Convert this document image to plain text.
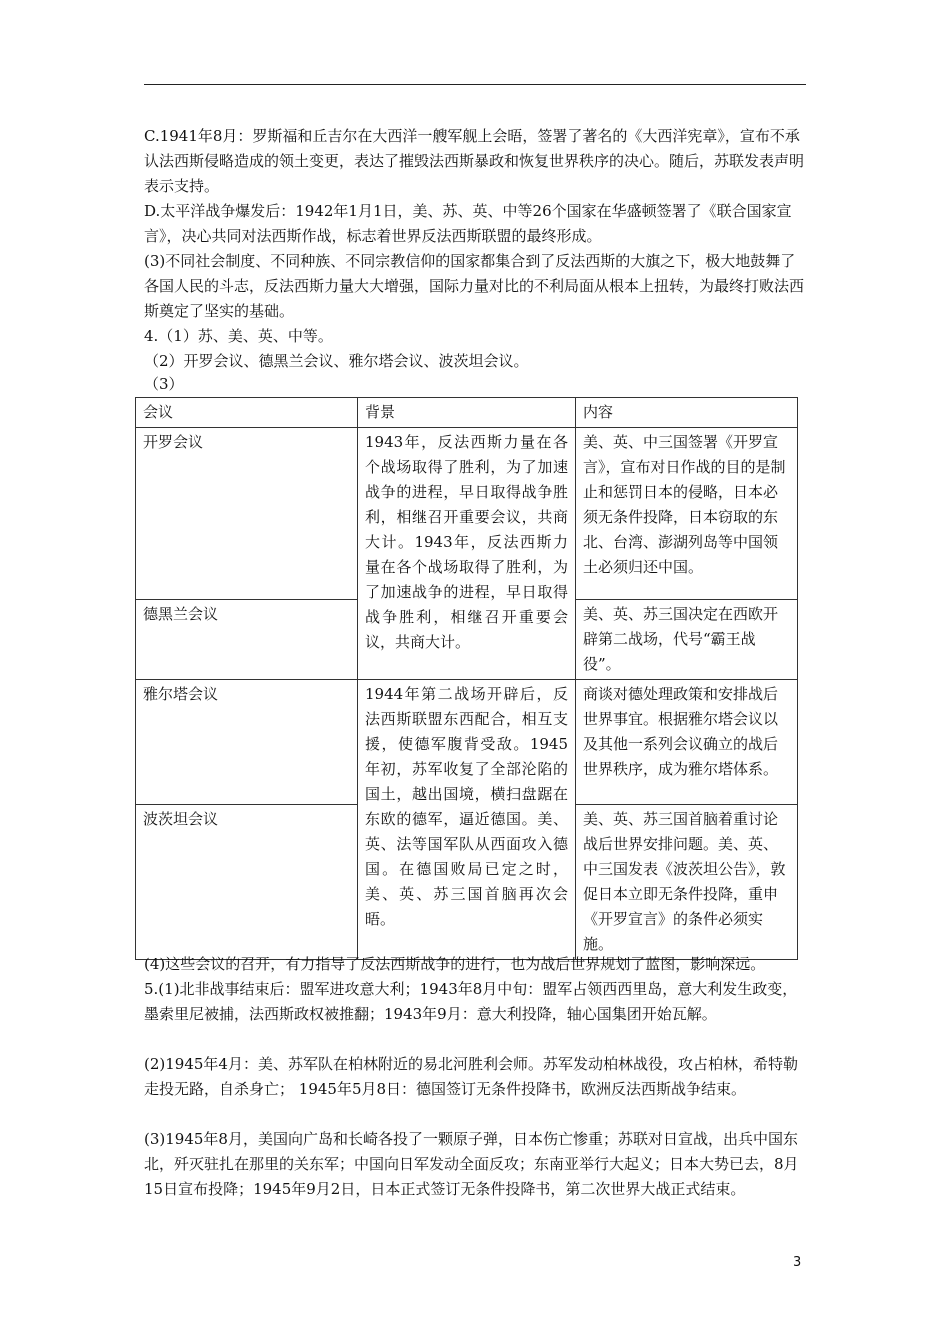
C.1941年8月：罗斯福和丘吉尔在大西洋一艘军舰上会晤，签署了著名的《大西洋宪章》，宣布不承认法西斯侵略造成的领土变更，表达了摧毁法西斯暴政和恢复世界秩序的决心。随后，苏联发表声明表示支持。

D.太平洋战争爆发后：1942年1月1日，美、苏、英、中等26个国家在华盛顿签署了《联合国家宣言》，决心共同对法西斯作战，标志着世界反法西斯联盟的最终形成。

(3)不同社会制度、不同种族、不同宗教信仰的国家都集合到了反法西斯的大旗之下，极大地鼓舞了各国人民的斗志，反法西斯力量大大增强，国际力量对比的不利局面从根本上扭转，为最终打败法西斯奠定了坚实的基础。

4.（1）苏、美、英、中等。

（2）开罗会议、德黑兰会议、雅尔塔会议、波茨坦会议。

（3）

会议	背景	内容
开罗会议	1943年，反法西斯力量在各个战场取得了胜利，为了加速战争的进程，早日取得战争胜利，相继召开重要会议，共商大计。1943年，反法西斯力量在各个战场取得了胜利，为了加速战争的进程，早日取得战争胜利，相继召开重要会议，共商大计。	美、英、中三国签署《开罗宣言》，宣布对日作战的目的是制止和惩罚日本的侵略，日本必须无条件投降，日本窃取的东北、台湾、澎湖列岛等中国领土必须归还中国。
德黑兰会议		美、英、苏三国决定在西欧开辟第二战场，代号“霸王战役”。
雅尔塔会议	1944年第二战场开辟后，反法西斯联盟东西配合，相互支援，使德军腹背受敌。1945年初，苏军收复了全部沦陷的国土，越出国境，横扫盘踞在东欧的德军，逼近德国。美、英、法等国军队从西面攻入德国。在德国败局已定之时，美、英、苏三国首脑再次会晤。	商谈对德处理政策和安排战后世界事宜。根据雅尔塔会议以及其他一系列会议确立的战后世界秩序，成为雅尔塔体系。
波茨坦会议		美、英、苏三国首脑着重讨论战后世界安排问题。美、英、中三国发表《波茨坦公告》，敦促日本立即无条件投降，重申《开罗宣言》的条件必须实施。

(4)这些会议的召开，有力指导了反法西斯战争的进行，也为战后世界规划了蓝图，影响深远。

5.(1)北非战事结束后：盟军进攻意大利；1943年8月中旬：盟军占领西西里岛，意大利发生政变，墨索里尼被捕，法西斯政权被推翻；1943年9月：意大利投降，轴心国集团开始瓦解。

(2)1945年4月：美、苏军队在柏林附近的易北河胜利会师。苏军发动柏林战役，攻占柏林，希特勒走投无路，自杀身亡； 1945年5月8日：德国签订无条件投降书，欧洲反法西斯战争结束。

(3)1945年8月，美国向广岛和长崎各投了一颗原子弹，日本伤亡惨重；苏联对日宣战，出兵中国东北，歼灭驻扎在那里的关东军；中国向日军发动全面反攻；东南亚举行大起义；日本大势已去，8月15日宣布投降；1945年9月2日，日本正式签订无条件投降书，第二次世界大战正式结束。

3
